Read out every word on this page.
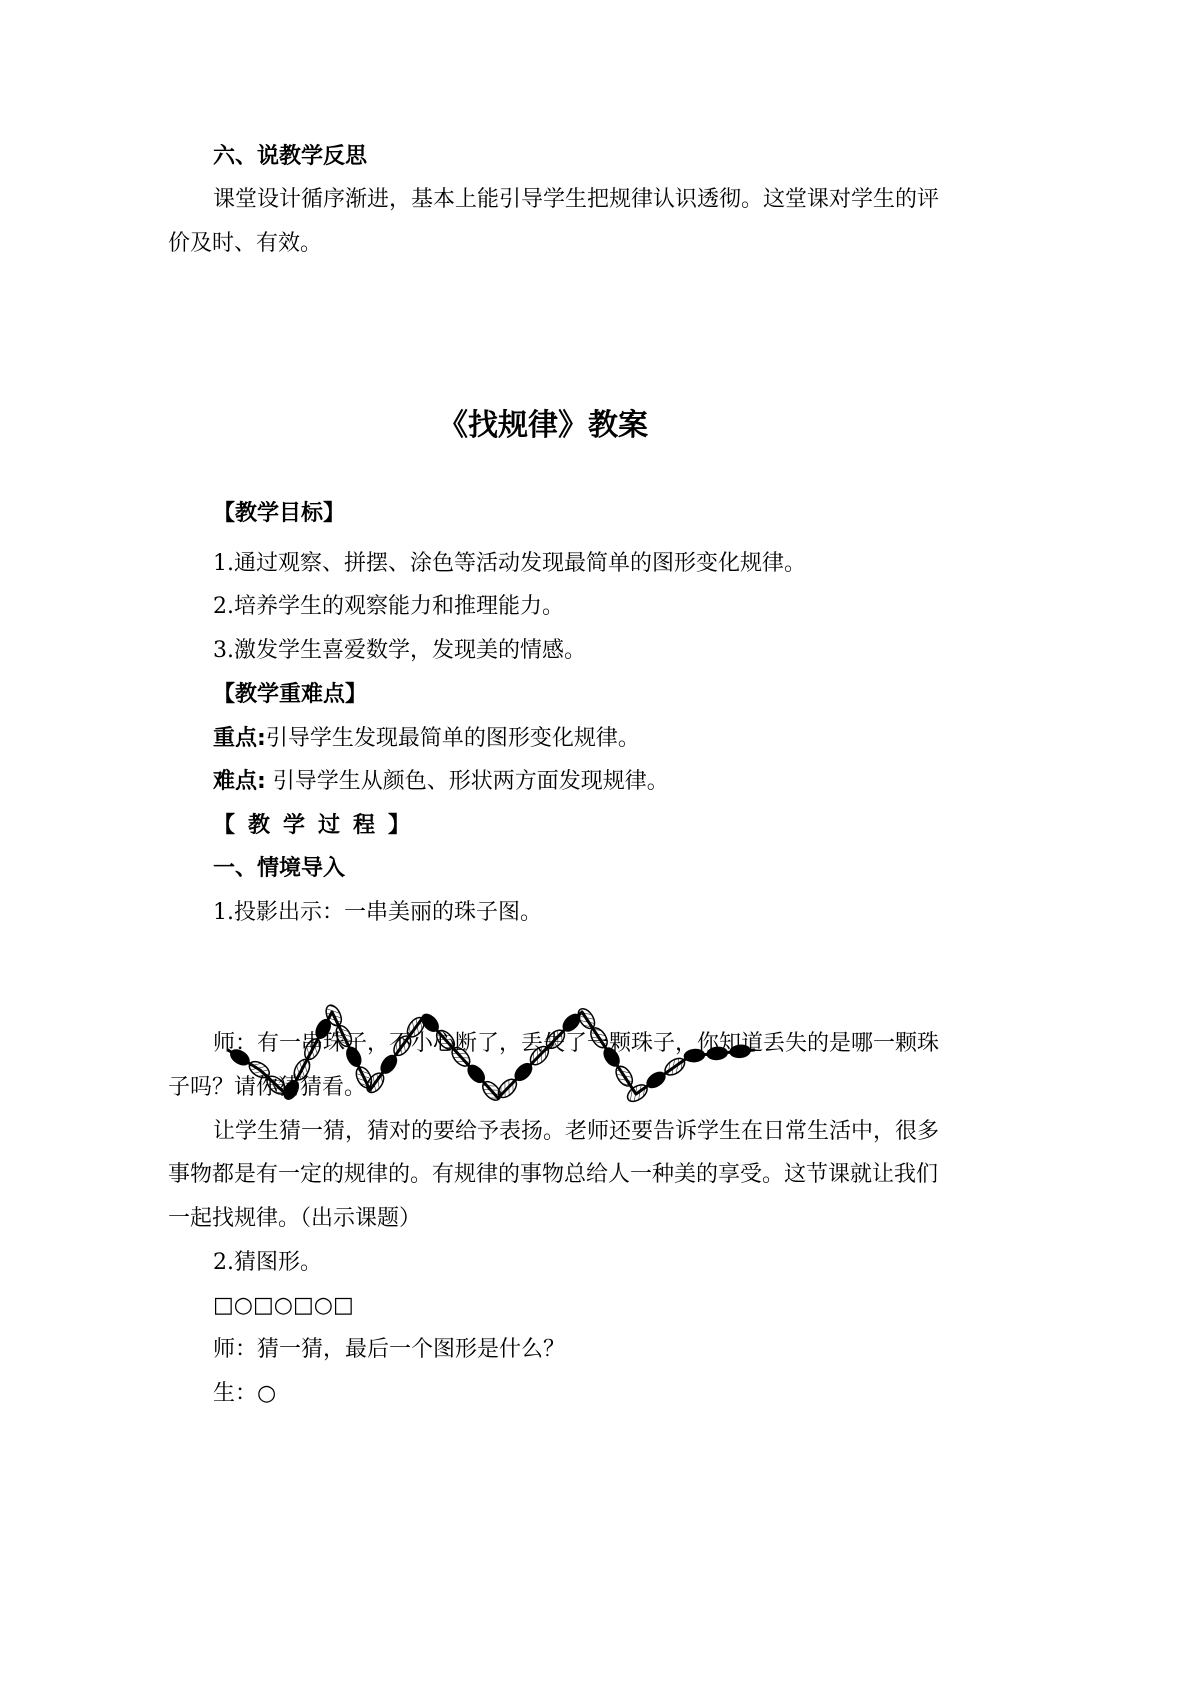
六、说教学反思

课堂设计循序渐进，基本上能引导学生把规律认识透彻。这堂课对学生的评

价及时、有效。

《找规律》教案

【教学目标】

1.通过观察、拼摆、涂色等活动发现最简单的图形变化规律。

2.培养学生的观察能力和推理能力。

3.激发学生喜爱数学，发现美的情感。

【教学重难点】

重点:引导学生发现最简单的图形变化规律。

难点: 引导学生从颜色、形状两方面发现规律。

【教学过程】

一、情境导入

1.投影出示：一串美丽的珠子图。

师：有一串珠子，不小心断了，丢失了一颗珠子，你知道丢失的是哪一颗珠

子吗？请你猜猜看。

让学生猜一猜，猜对的要给予表扬。老师还要告诉学生在日常生活中，很多

事物都是有一定的规律的。有规律的事物总给人一种美的享受。这节课就让我们

一起找规律。（出示课题）

2.猜图形。

□○□○□○□

师：猜一猜，最后一个图形是什么？

生：○
